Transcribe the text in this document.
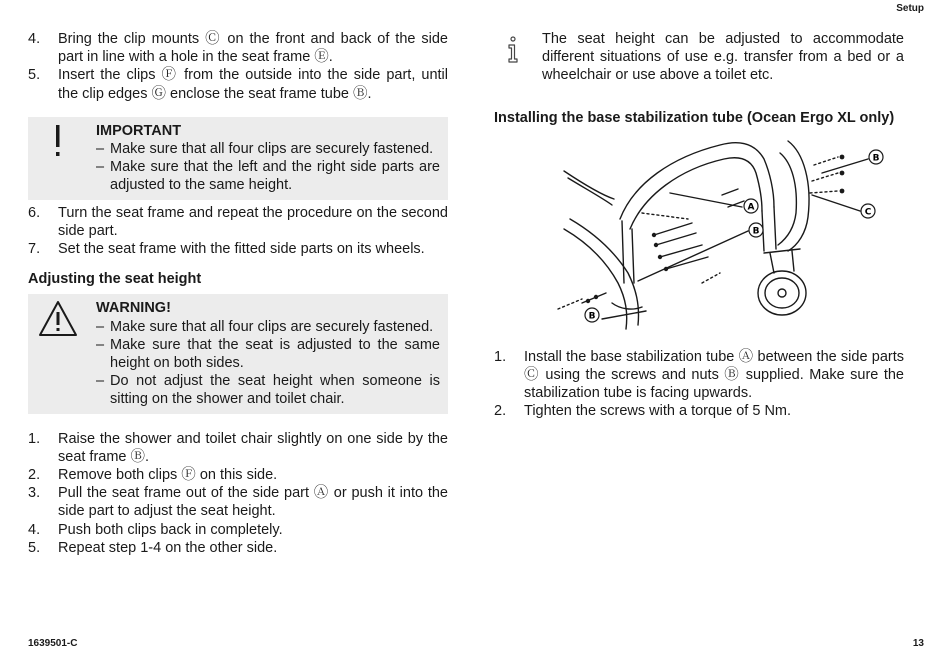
Setup
4. Bring the clip mounts Ⓒ on the front and back of the side part in line with a hole in the seat frame Ⓔ.
5. Insert the clips Ⓕ from the outside into the side part, until the clip edges Ⓖ enclose the seat frame tube Ⓑ.
IMPORTANT
– Make sure that all four clips are securely fastened.
– Make sure that the left and the right side parts are adjusted to the same height.
6. Turn the seat frame and repeat the procedure on the second side part.
7. Set the seat frame with the fitted side parts on its wheels.
Adjusting the seat height
WARNING!
– Make sure that all four clips are securely fastened.
– Make sure that the seat is adjusted to the same height on both sides.
– Do not adjust the seat height when someone is sitting on the shower and toilet chair.
1. Raise the shower and toilet chair slightly on one side by the seat frame Ⓑ.
2. Remove both clips Ⓕ on this side.
3. Pull the seat frame out of the side part Ⓐ or push it into the side part to adjust the seat height.
4. Push both clips back in completely.
5. Repeat step 1-4 on the other side.

The seat height can be adjusted to accommodate different situations of use e.g. transfer from a bed or a wheelchair or use above a toilet etc.

Installing the base stabilization tube (Ocean Ergo XL only)
A
B
B
C
B
1. Install the base stabilization tube Ⓐ between the side parts Ⓒ using the screws and nuts Ⓑ supplied. Make sure the stabilization tube is facing upwards.
2. Tighten the screws with a torque of 5 Nm.
1639501-C	13
